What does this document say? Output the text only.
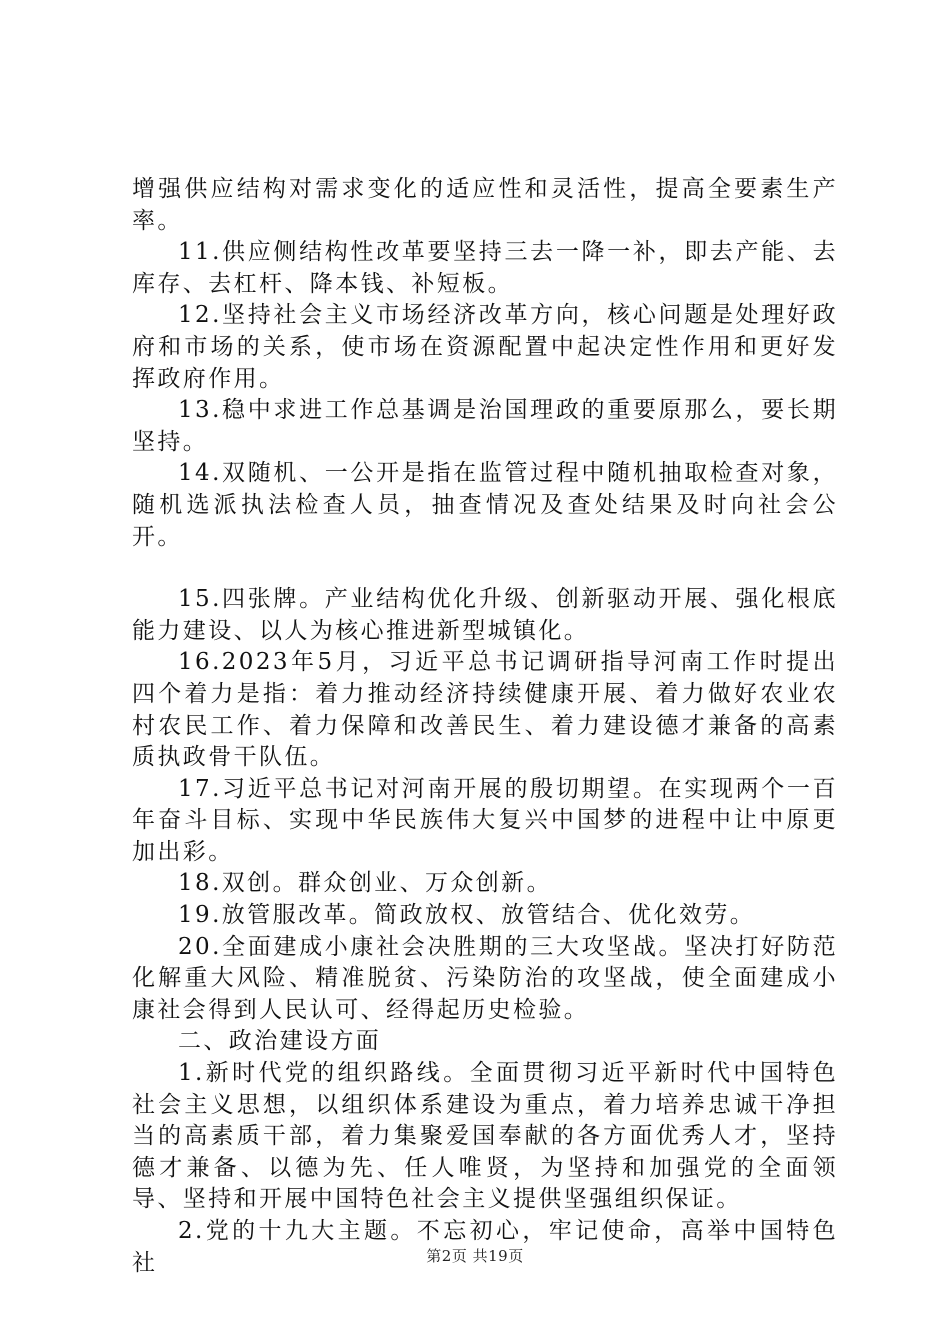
增强供应结构对需求变化的适应性和灵活性，提高全要素生产率。

11.供应侧结构性改革要坚持三去一降一补，即去产能、去库存、去杠杆、降本钱、补短板。

12.坚持社会主义市场经济改革方向，核心问题是处理好政府和市场的关系，使市场在资源配置中起决定性作用和更好发挥政府作用。

13.稳中求进工作总基调是治国理政的重要原那么，要长期坚持。

14.双随机、一公开是指在监管过程中随机抽取检查对象，随机选派执法检查人员，抽查情况及查处结果及时向社会公开。

15.四张牌。产业结构优化升级、创新驱动开展、强化根底能力建设、以人为核心推进新型城镇化。

16.2023年5月，习近平总书记调研指导河南工作时提出四个着力是指：着力推动经济持续健康开展、着力做好农业农村农民工作、着力保障和改善民生、着力建设德才兼备的高素质执政骨干队伍。

17.习近平总书记对河南开展的殷切期望。在实现两个一百年奋斗目标、实现中华民族伟大复兴中国梦的进程中让中原更加出彩。

18.双创。群众创业、万众创新。

19.放管服改革。简政放权、放管结合、优化效劳。

20.全面建成小康社会决胜期的三大攻坚战。坚决打好防范化解重大风险、精准脱贫、污染防治的攻坚战，使全面建成小康社会得到人民认可、经得起历史检验。

二、政治建设方面

1.新时代党的组织路线。全面贯彻习近平新时代中国特色社会主义思想，以组织体系建设为重点，着力培养忠诚干净担当的高素质干部，着力集聚爱国奉献的各方面优秀人才，坚持德才兼备、以德为先、任人唯贤，为坚持和加强党的全面领导、坚持和开展中国特色社会主义提供坚强组织保证。

2.党的十九大主题。不忘初心，牢记使命，高举中国特色社	第2页 共19页
